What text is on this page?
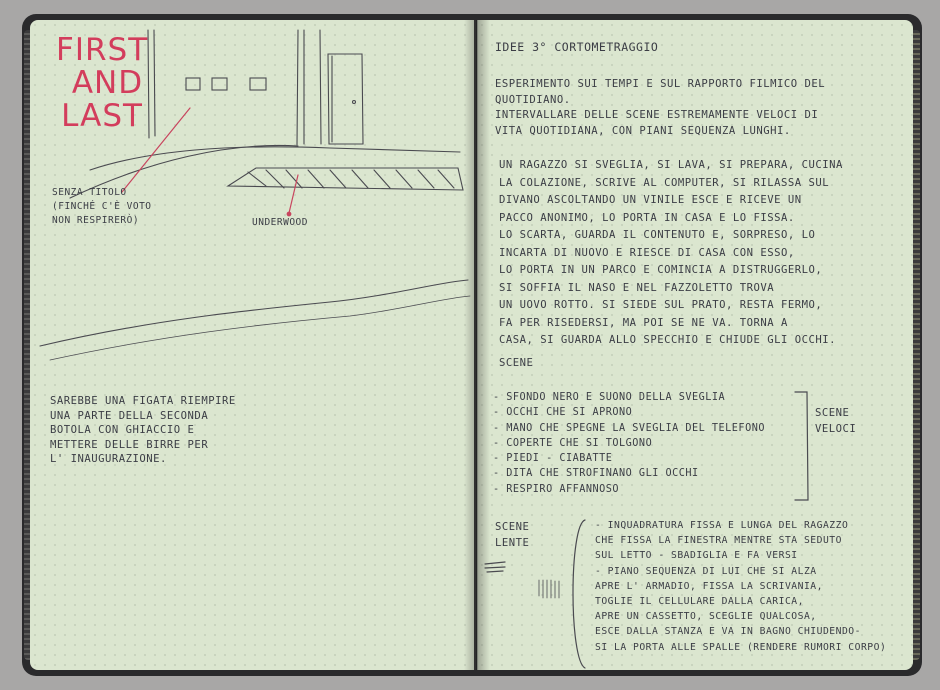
FIRST
AND
LAST
SENZA TITOLO
(FINCHÉ C'È VOTO
NON RESPIRERÒ)	UNDERWOOD
SAREBBE UNA FIGATA RIEMPIRE
UNA PARTE DELLA SECONDA
BOTOLA CON GHIACCIO E
METTERE DELLE BIRRE PER
L' INAUGURAZIONE.
IDEE 3° CORTOMETRAGGIO
ESPERIMENTO SUI TEMPI E SUL RAPPORTO FILMICO DEL
QUOTIDIANO.
INTERVALLARE DELLE SCENE ESTREMAMENTE VELOCI DI
VITA QUOTIDIANA, CON PIANI SEQUENZA LUNGHI.
UN RAGAZZO SI SVEGLIA, SI LAVA, SI PREPARA, CUCINA
LA COLAZIONE, SCRIVE AL COMPUTER, SI RILASSA SUL
DIVANO ASCOLTANDO UN VINILE ESCE E RICEVE UN
PACCO ANONIMO, LO PORTA IN CASA E LO FISSA.
LO SCARTA, GUARDA IL CONTENUTO E, SORPRESO, LO
INCARTA DI NUOVO E RIESCE DI CASA CON ESSO,
LO PORTA IN UN PARCO E COMINCIA A DISTRUGGERLO,
SI SOFFIA IL NASO E NEL FAZZOLETTO TROVA
UN UOVO ROTTO. SI SIEDE SUL PRATO, RESTA FERMO,
FA PER RISEDERSI, MA POI SE NE VA. TORNA A
CASA, SI GUARDA ALLO SPECCHIO E CHIUDE GLI OCCHI.
SCENE
- SFONDO NERO E SUONO DELLA SVEGLIA
- OCCHI CHE SI APRONO
- MANO CHE SPEGNE LA SVEGLIA DEL TELEFONO
- COPERTE CHE SI TOLGONO
- PIEDI - CIABATTE
- DITA CHE STROFINANO GLI OCCHI
- RESPIRO AFFANNOSO
SCENE
VELOCI
SCENE
LENTE
- INQUADRATURA FISSA E LUNGA DEL RAGAZZO
CHE FISSA LA FINESTRA MENTRE STA SEDUTO
SUL LETTO - SBADIGLIA E FA VERSI
- PIANO SEQUENZA DI LUI CHE SI ALZA
APRE L' ARMADIO, FISSA LA SCRIVANIA,
TOGLIE IL CELLULARE DALLA CARICA,
APRE UN CASSETTO, SCEGLIE QUALCOSA,
ESCE DALLA STANZA E VA IN BAGNO CHIUDENDO-
SI LA PORTA ALLE SPALLE (RENDERE RUMORI CORPO)
